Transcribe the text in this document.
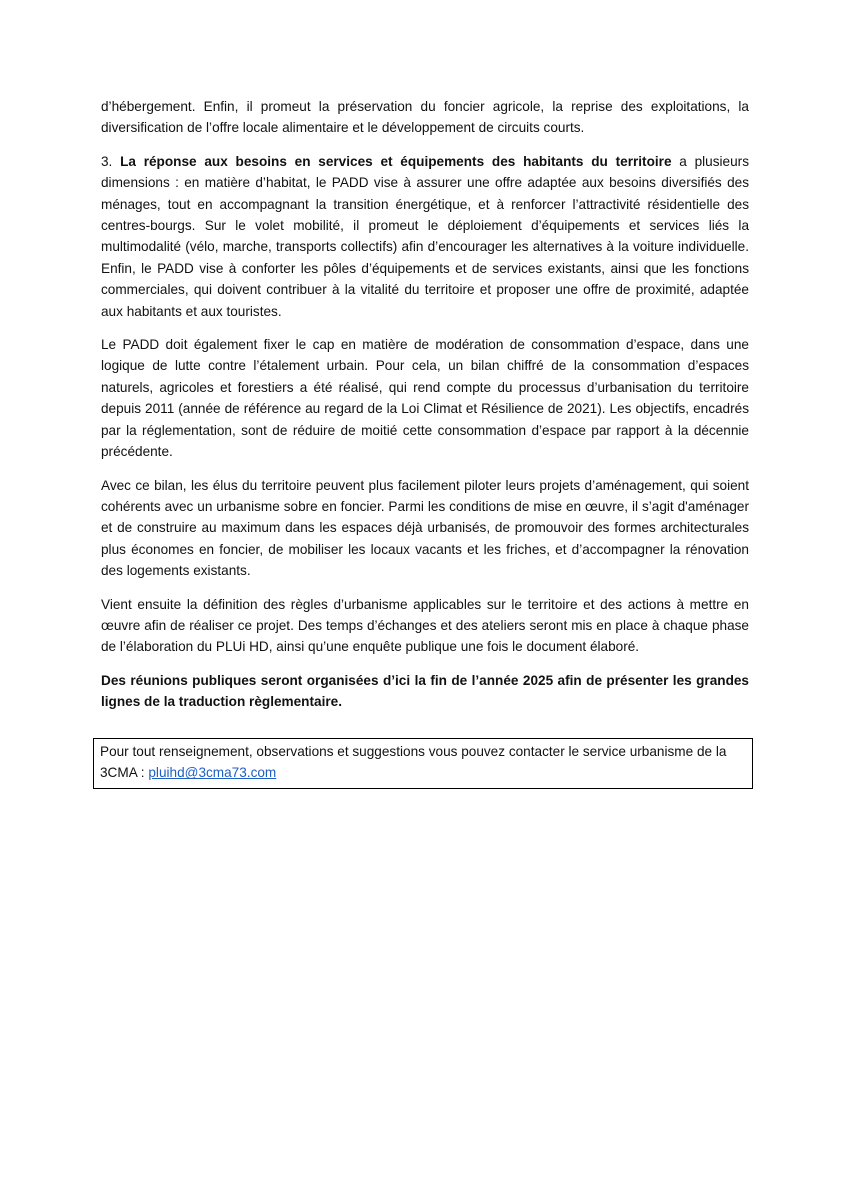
d’hébergement. Enfin, il promeut la préservation du foncier agricole, la reprise des exploitations, la diversification de l’offre locale alimentaire et le développement de circuits courts.

3. La réponse aux besoins en services et équipements des habitants du territoire a plusieurs dimensions : en matière d’habitat, le PADD vise à assurer une offre adaptée aux besoins diversifiés des ménages, tout en accompagnant la transition énergétique, et à renforcer l’attractivité résidentielle des centres-bourgs. Sur le volet mobilité, il promeut le déploiement d’équipements et services liés la multimodalité (vélo, marche, transports collectifs) afin d’encourager les alternatives à la voiture individuelle. Enfin, le PADD vise à conforter les pôles d’équipements et de services existants, ainsi que les fonctions commerciales, qui doivent contribuer à la vitalité du territoire et proposer une offre de proximité, adaptée aux habitants et aux touristes.

Le PADD doit également fixer le cap en matière de modération de consommation d’espace, dans une logique de lutte contre l’étalement urbain. Pour cela, un bilan chiffré de la consommation d’espaces naturels, agricoles et forestiers a été réalisé, qui rend compte du processus d’urbanisation du territoire depuis 2011 (année de référence au regard de la Loi Climat et Résilience de 2021). Les objectifs, encadrés par la réglementation, sont de réduire de moitié cette consommation d’espace par rapport à la décennie précédente.

Avec ce bilan, les élus du territoire peuvent plus facilement piloter leurs projets d’aménagement, qui soient cohérents avec un urbanisme sobre en foncier. Parmi les conditions de mise en œuvre, il s’agit d'aménager et de construire au maximum dans les espaces déjà urbanisés, de promouvoir des formes architecturales plus économes en foncier, de mobiliser les locaux vacants et les friches, et d’accompagner la rénovation des logements existants.

Vient ensuite la définition des règles d’urbanisme applicables sur le territoire et des actions à mettre en œuvre afin de réaliser ce projet. Des temps d’échanges et des ateliers seront mis en place à chaque phase de l’élaboration du PLUi HD, ainsi qu’une enquête publique une fois le document élaboré.

Des réunions publiques seront organisées d’ici la fin de l’année 2025 afin de présenter les grandes lignes de la traduction règlementaire.

Pour tout renseignement, observations et suggestions vous pouvez contacter le service urbanisme de la 3CMA : pluihd@3cma73.com
